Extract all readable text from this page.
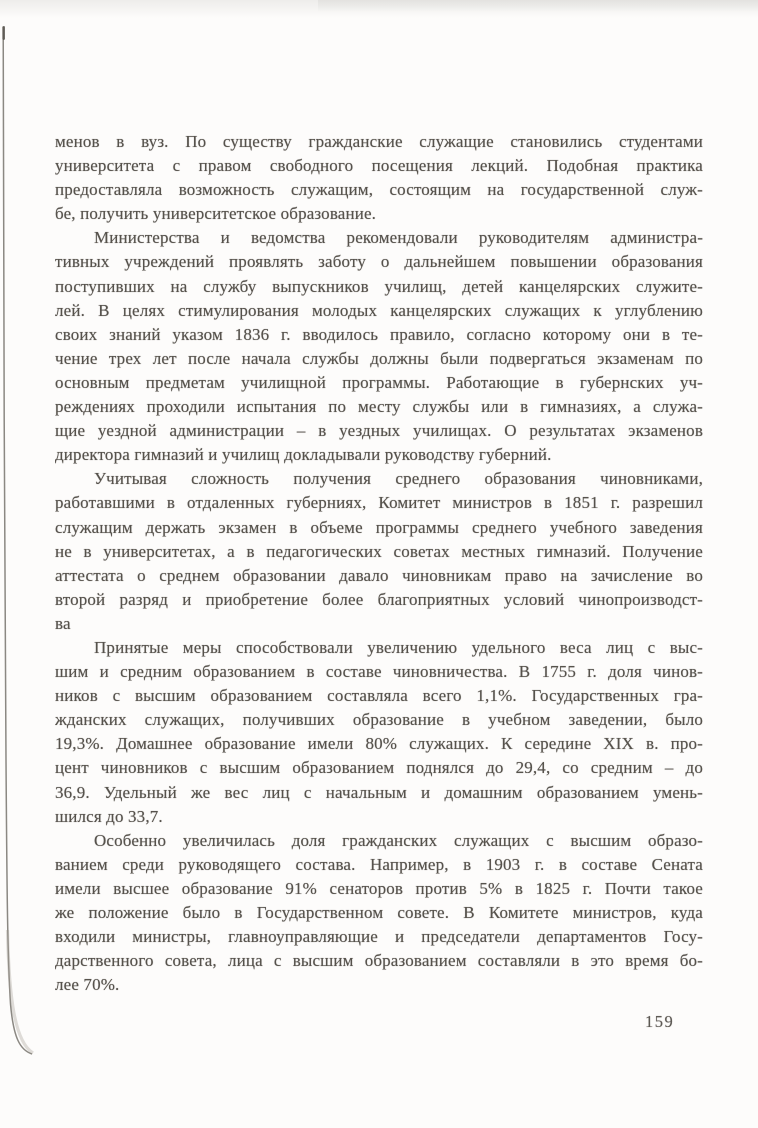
менов в вуз. По существу гражданские служащие становились студентами
университета с правом свободного посещения лекций. Подобная практика
предоставляла возможность служащим, состоящим на государственной служ-
бе, получить университетское образование.
Министерства и ведомства рекомендовали руководителям администра-
тивных учреждений проявлять заботу о дальнейшем повышении образования
поступивших на службу выпускников училищ, детей канцелярских служите-
лей. В целях стимулирования молодых канцелярских служащих к углублению
своих знаний указом 1836 г. вводилось правило, согласно которому они в те-
чение трех лет после начала службы должны были подвергаться экзаменам по
основным предметам училищной программы. Работающие в губернских уч-
реждениях проходили испытания по месту службы или в гимназиях, а служа-
щие уездной администрации – в уездных училищах. О результатах экзаменов
директора гимназий и училищ докладывали руководству губерний.
Учитывая сложность получения среднего образования чиновниками,
работавшими в отдаленных губерниях, Комитет министров в 1851 г. разрешил
служащим держать экзамен в объеме программы среднего учебного заведения
не в университетах, а в педагогических советах местных гимназий. Получение
аттестата о среднем образовании давало чиновникам право на зачисление во
второй разряд и приобретение более благоприятных условий чинопроизводст-
ва
Принятые меры способствовали увеличению удельного веса лиц с выс-
шим и средним образованием в составе чиновничества. В 1755 г. доля чинов-
ников с высшим образованием составляла всего 1,1%. Государственных гра-
жданских служащих, получивших образование в учебном заведении, было
19,3%. Домашнее образование имели 80% служащих. К середине XIX в. про-
цент чиновников с высшим образованием поднялся до 29,4, со средним – до
36,9. Удельный же вес лиц с начальным и домашним образованием умень-
шился до 33,7.
Особенно увеличилась доля гражданских служащих с высшим образо-
ванием среди руководящего состава. Например, в 1903 г. в составе Сената
имели высшее образование 91% сенаторов против 5% в 1825 г. Почти такое
же положение было в Государственном совете. В Комитете министров, куда
входили министры, главноуправляющие и председатели департаментов Госу-
дарственного совета, лица с высшим образованием составляли в это время бо-
лее 70%.
159
